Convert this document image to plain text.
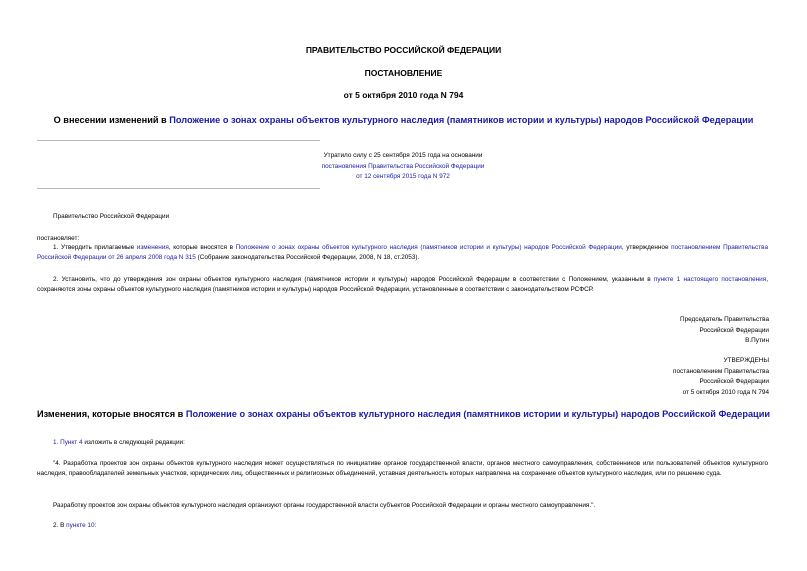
ПРАВИТЕЛЬСТВО РОССИЙСКОЙ ФЕДЕРАЦИИ
ПОСТАНОВЛЕНИЕ
от 5 октября 2010 года N 794
О внесении изменений в Положение о зонах охраны объектов культурного наследия (памятников истории и культуры) народов Российской Федерации
Утратило силу с 25 сентября 2015 года на основании
постановления Правительства Российской Федерации
от 12 сентября 2015 года N 972
Правительство Российской Федерации
постановляет:
1. Утвердить прилагаемые изменения, которые вносятся в Положение о зонах охраны объектов культурного наследия (памятников истории и культуры) народов Российской Федерации, утвержденное постановлением Правительства Российской Федерации от 26 апреля 2008 года N 315 (Собрание законодательства Российской Федерации, 2008, N 18, ст.2053).
2. Установить, что до утверждения зон охраны объектов культурного наследия (памятников истории и культуры) народов Российской Федерации в соответствии с Положением, указанным в пункте 1 настоящего постановления, сохраняются зоны охраны объектов культурного наследия (памятников истории и культуры) народов Российской Федерации, установленные в соответствии с законодательством РСФСР.
Председатель Правительства
Российской Федерации
В.Путин
УТВЕРЖДЕНЫ
постановлением Правительства
Российской Федерации
от 5 октября 2010 года N 794
Изменения, которые вносятся в Положение о зонах охраны объектов культурного наследия (памятников истории и культуры) народов Российской Федерации
1. Пункт 4 изложить в следующей редакции:
"4. Разработка проектов зон охраны объектов культурного наследия может осуществляться по инициативе органов государственной власти, органов местного самоуправления, собственников или пользователей объектов культурного наследия, правообладателей земельных участков, юридических лиц, общественных и религиозных объединений, уставная деятельность которых направлена на сохранение объектов культурного наследия, или по решению суда.
Разработку проектов зон охраны объектов культурного наследия организуют органы государственной власти субъектов Российской Федерации и органы местного самоуправления.".
2. В пункте 10:
